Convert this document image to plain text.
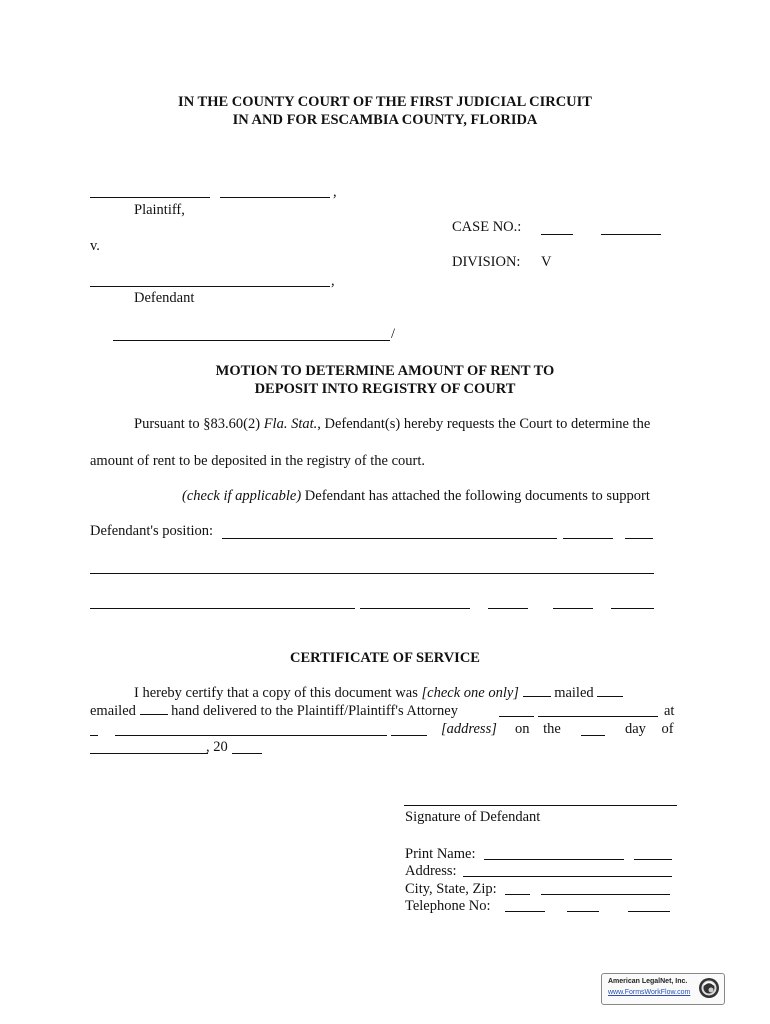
IN THE COUNTY COURT OF THE FIRST JUDICIAL CIRCUIT
IN AND FOR ESCAMBIA COUNTY, FLORIDA
,
Plaintiff,
CASE NO.:
v.
DIVISION: V
,
Defendant
/
MOTION TO DETERMINE AMOUNT OF RENT TO
DEPOSIT INTO REGISTRY OF COURT
Pursuant to §83.60(2) Fla. Stat., Defendant(s) hereby requests the Court to determine the
amount of rent to be deposited in the registry of the court.
(check if applicable) Defendant has attached the following documents to support
Defendant's position:
CERTIFICATE OF SERVICE
I hereby certify that a copy of this document was [check one only] mailed
emailed hand delivered to the Plaintiff/Plaintiff's Attorney	at
[address] on the	day of
, 20
Signature of Defendant
Print Name:
Address:
City, State, Zip:
Telephone No:
American LegalNet, Inc.
www.FormsWorkFlow.com
